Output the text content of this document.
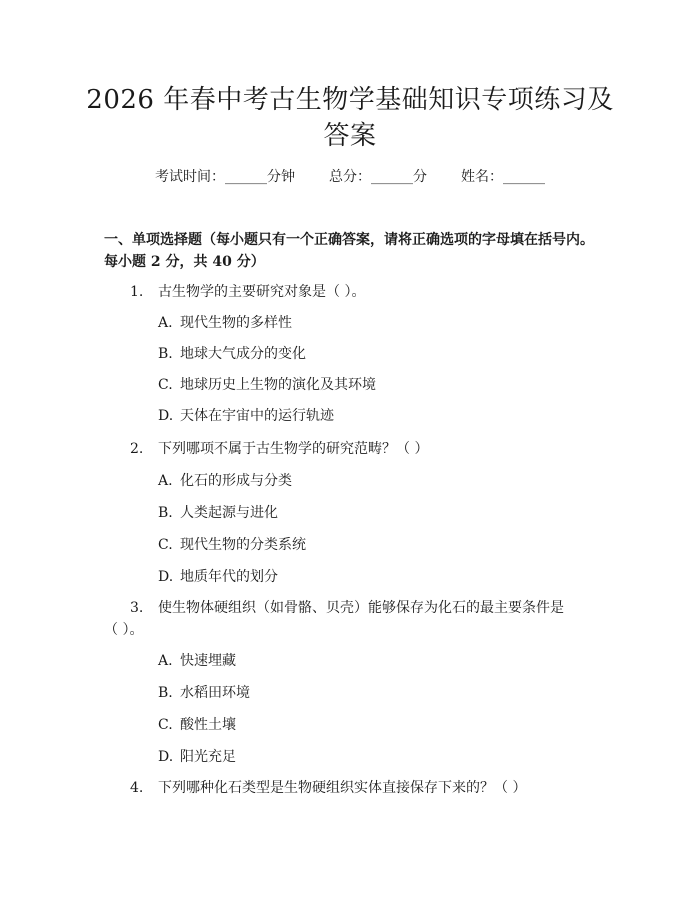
2026 年春中考古生物学基础知识专项练习及
答案
考试时间：______分钟 总分：______分 姓名：______
一、单项选择题（每小题只有一个正确答案，请将正确选项的字母填在括号内。
每小题 2 分，共 40 分）
1.	古生物学的主要研究对象是（ ）。
A. 现代生物的多样性
B. 地球大气成分的变化
C. 地球历史上生物的演化及其环境
D. 天体在宇宙中的运行轨迹
2.	下列哪项不属于古生物学的研究范畴？（ ）
A. 化石的形成与分类
B. 人类起源与进化
C. 现代生物的分类系统
D. 地质年代的划分
3.	使生物体硬组织（如骨骼、贝壳）能够保存为化石的最主要条件是
（ ）。
A. 快速埋藏
B. 水稻田环境
C. 酸性土壤
D. 阳光充足
4.	下列哪种化石类型是生物硬组织实体直接保存下来的？（ ）
